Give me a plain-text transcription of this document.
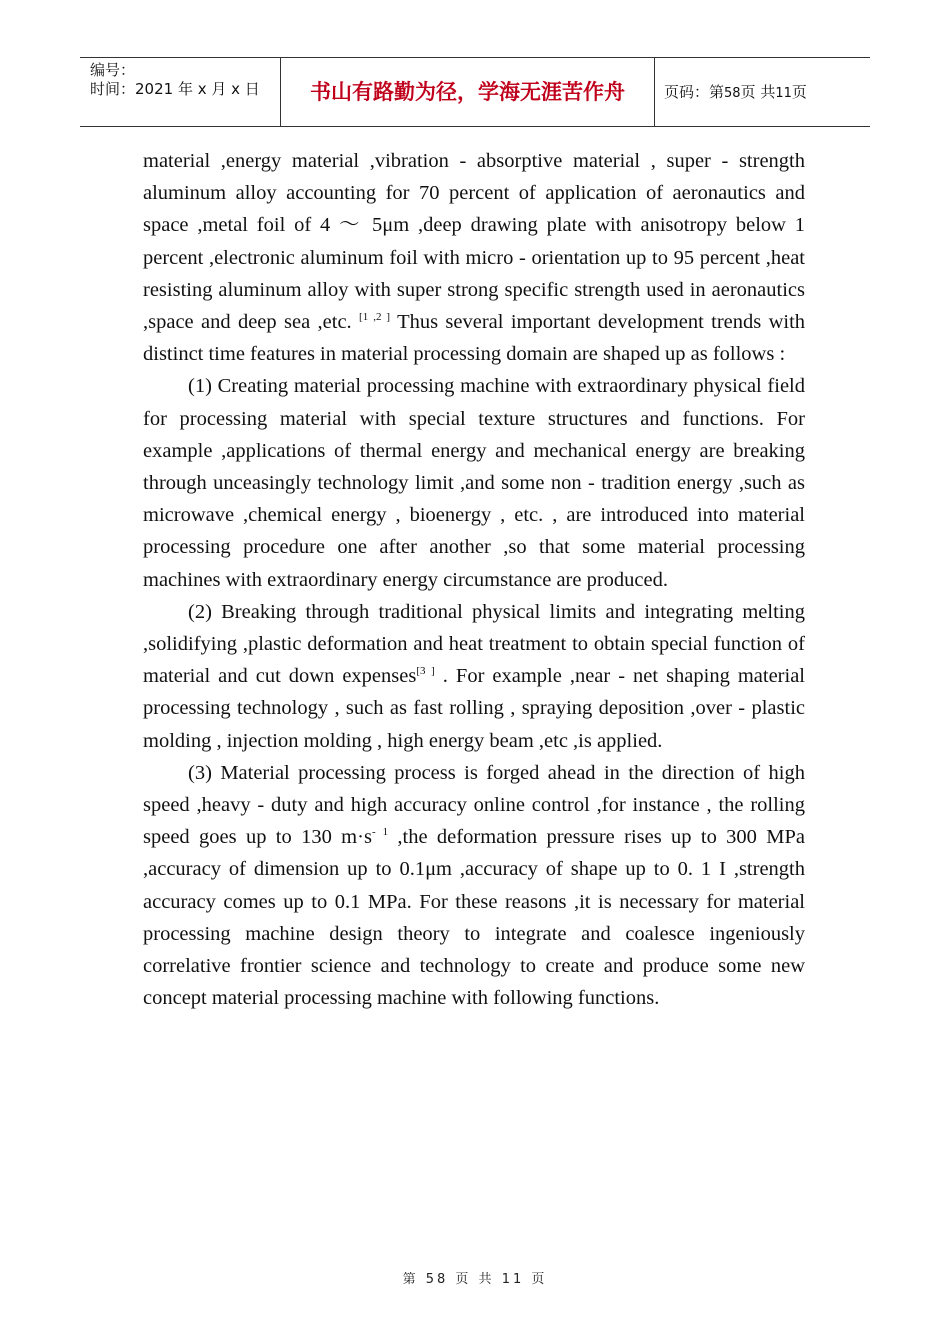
编号：
时间：2021 年 x 月 x 日	书山有路勤为径，学海无涯苦作舟	页码：第58页 共11页

material ,energy material ,vibration - absorptive material , super - strength aluminum alloy accounting for 70 percent of application of aeronautics and space ,metal foil of 4 ～ 5μm ,deep drawing plate with anisotropy below 1 percent ,electronic aluminum foil with micro - orientation up to 95 percent ,heat resisting aluminum alloy with super strong specific strength used in aeronautics ,space and deep sea ,etc. [1 ,2 ] Thus several important development trends with distinct time features in material processing domain are shaped up as follows :

(1) Creating material processing machine with extraordinary physical field for processing material with special texture structures and functions. For example ,applications of thermal energy and mechanical energy are breaking through unceasingly technology limit ,and some non - tradition energy ,such as microwave ,chemical energy , bioenergy , etc. , are introduced into material processing procedure one after another ,so that some material processing machines with extraordinary energy circumstance are produced.

(2) Breaking through traditional physical limits and integrating melting ,solidifying ,plastic deformation and heat treatment to obtain special function of material and cut down expenses[3 ] . For example ,near - net shaping material processing technology , such as fast rolling , spraying deposition ,over - plastic molding , injection molding , high energy beam ,etc ,is applied.

(3) Material processing process is forged ahead in the direction of high speed ,heavy - duty and high accuracy online control ,for instance , the rolling speed goes up to 130 $m\cdot s^{- 1}$ ,the deformation pressure rises up to 300 MPa ,accuracy of dimension up to 0.1μm ,accuracy of shape up to 0. 1 I ,strength accuracy comes up to 0.1 MPa. For these reasons ,it is necessary for material processing machine design theory to integrate and coalesce ingeniously correlative frontier science and technology to create and produce some new concept material processing machine with following functions.

第 58 页 共 11 页
